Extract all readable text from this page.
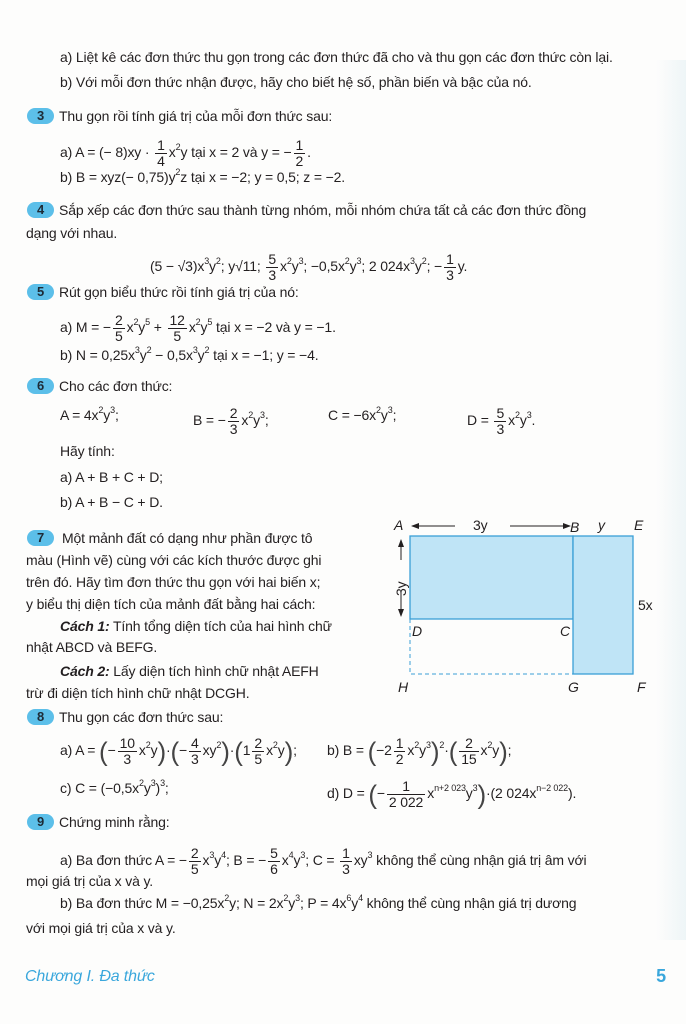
a) Liệt kê các đơn thức thu gọn trong các đơn thức đã cho và thu gọn các đơn thức còn lại.
b) Với mỗi đơn thức nhận được, hãy cho biết hệ số, phần biến và bậc của nó.
3	Thu gọn rồi tính giá trị của mỗi đơn thức sau:
a) A = (− $8)xy \cdot \frac{1}{4} x^2y$ tại x = 2 và y = − $\frac{1}{2}$ .
b) $B = xyz(- 0,75)y^2z$ tại x = −2; y = 0,5; z = −2.
4	Sắp xếp các đơn thức sau thành từng nhóm, mỗi nhóm chứa tất cả các đơn thức đồng
dạng với nhau.
$(5 - √3)x^3y^2$; y√11; $\frac{5}{3} x^2y^3$; $-0,5x^2y^3$; 2 $024x^3y^2$; − $\frac{1}{3} y$.
5	Rút gọn biểu thức rồi tính giá trị của nó:
a) M = − $\frac{2}{5} x^2y^5 + \frac{12}{5} x^2y^5$ tại x = −2 và y = −1.
b) $N = 0,25x^3y^2 - 0,5x^3y^2$ tại x = −1; y = −4.
6	Cho các đơn thức:
$A = 4x^2y^3$;	B = − $\frac{2}{3} x^2y^3$;	$C = -6x^2y^3$;	$D = \frac{5}{3} x^2y^3$.
Hãy tính:
a) A + B + C + D;
b) A + B − C + D.
7	Một mảnh đất có dạng như phần được tô
màu (Hình vẽ) cùng với các kích thước được ghi
trên đó. Hãy tìm đơn thức thu gọn với hai biến x;
y biểu thị diện tích của mảnh đất bằng hai cách:
Cách 1: Tính tổng diện tích của hai hình chữ
nhật ABCD và BEFG.
Cách 2: Lấy diện tích hình chữ nhật AEFH
trừ đi diện tích hình chữ nhật DCGH.
A	B	E
D	C
H	G	F
3y	y
3y
5x
8	Thu gọn các đơn thức sau:
a) A = (− $\frac{10}{3} x^2y)\cdot(- \frac{4}{3} xy^2)\cdot(1 \frac{2}{5} x^2y)$; b) $B = (-2 \frac{1}{2} x^2y^3)^2\cdot( \frac{2}{15} x^2y)$;
c) $C = (-0,5x^2y^3)^3$;	d) D = (− $\frac{1}{2 022} x^{n+2 023}y^3)\cdot(2$ $024x^{n-2 022}$).
9	Chứng minh rằng:
a) Ba đơn thức A = − $\frac{2}{5} x^3y^4$; B = − $\frac{5}{6} x^4y^3$; $C = \frac{1}{3} xy^3$ không thể cùng nhận giá trị âm với
mọi giá trị của x và y.
b) Ba đơn thức $M = -0,25x^2y$; $N = 2x^2y^3$; $P = 4x^6y^4$ không thể cùng nhận giá trị dương
với mọi giá trị của x và y.
Chương I. Đa thức	5
